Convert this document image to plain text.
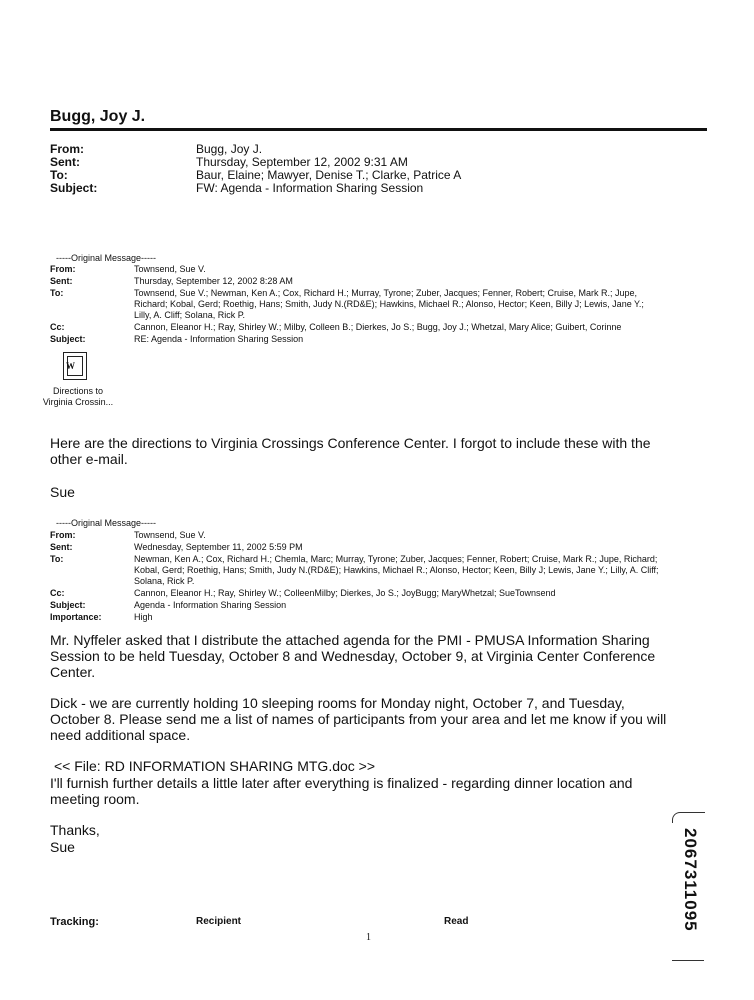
Bugg, Joy J.
From:	Bugg, Joy J.
Sent:	Thursday, September 12, 2002 9:31 AM
To:	Baur, Elaine; Mawyer, Denise T.; Clarke, Patrice A
Subject:	FW: Agenda - Information Sharing Session
-----Original Message-----
From:	Townsend, Sue V.
Sent:	Thursday, September 12, 2002 8:28 AM
To:	Townsend, Sue V.; Newman, Ken A.; Cox, Richard H.; Murray, Tyrone; Zuber, Jacques; Fenner, Robert; Cruise, Mark R.; Jupe,
Richard; Kobal, Gerd; Roethig, Hans; Smith, Judy N.(RD&E); Hawkins, Michael R.; Alonso, Hector; Keen, Billy J; Lewis, Jane Y.;
Lilly, A. Cliff; Solana, Rick P.
Cc:	Cannon, Eleanor H.; Ray, Shirley W.; Milby, Colleen B.; Dierkes, Jo S.; Bugg, Joy J.; Whetzal, Mary Alice; Guibert, Corinne
Subject:	RE: Agenda - Information Sharing Session
W
Directions to
Virginia Crossin...
Here are the directions to Virginia Crossings Conference Center. I forgot to include these with the other e-mail.
Sue
-----Original Message-----
From:	Townsend, Sue V.
Sent:	Wednesday, September 11, 2002 5:59 PM
To:	Newman, Ken A.; Cox, Richard H.; Chemla, Marc; Murray, Tyrone; Zuber, Jacques; Fenner, Robert; Cruise, Mark R.; Jupe, Richard;
Kobal, Gerd; Roethig, Hans; Smith, Judy N.(RD&E); Hawkins, Michael R.; Alonso, Hector; Keen, Billy J; Lewis, Jane Y.; Lilly, A. Cliff;
Solana, Rick P.
Cc:	Cannon, Eleanor H.; Ray, Shirley W.; ColleenMilby; Dierkes, Jo S.; JoyBugg; MaryWhetzal; SueTownsend
Subject:	Agenda - Information Sharing Session
Importance:	High
Mr. Nyffeler asked that I distribute the attached agenda for the PMI - PMUSA Information Sharing Session to be held Tuesday, October 8 and Wednesday, October 9, at Virginia Center Conference Center.
Dick - we are currently holding 10 sleeping rooms for Monday night, October 7, and Tuesday, October 8. Please send me a list of names of participants from your area and let me know if you will need additional space.
<< File: RD INFORMATION SHARING MTG.doc >>
I'll furnish further details a little later after everything is finalized - regarding dinner location and meeting room.
Thanks,
Sue
Tracking:	Recipient	Read
1
2067311095
